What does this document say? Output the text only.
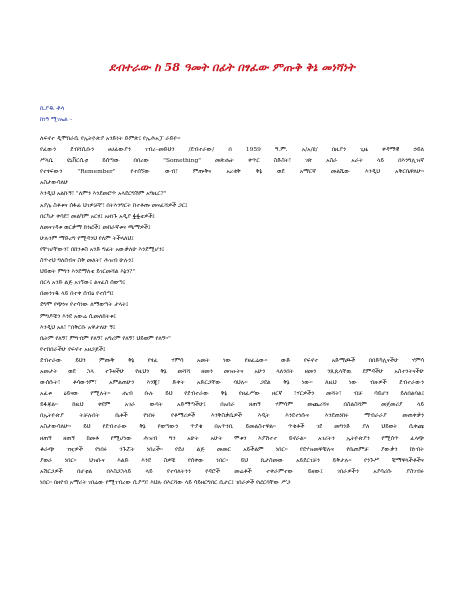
ደብተራው ከ 58 ዓመት በፊት በፃፈው ምጡቅ ቅኔ መነሻነት
ኪያዱ ቶላ
ከነዓ ሚገኤል –
ለፍኖተ ዲሞክራሲ የኢትዮጵያ አንድነት ድምጽ፤ የኢሕአፓ ራድዮ፡፡
የፈውን ደብሻሲቡን ፀሀፊውያን ገብረ–መድህን /ደብተራው/ በ 1959 ዓ.ም. አ/አ/ዩ/ በዚያን ጊዜ ቀዳማዊ ኃይለ
ሥላሴ ዩኒቨርሲቲ ይሰጣው በበረው "Something" መጽሔት ቀጥር ስድስት፣ ገጽ አስራ አራት ላይ በእንግሊዝኛ
የተፃፍውን "Remember" የተሰኘው ውብ፣ ምጡቅና አረቂቅ ቅኔ ወደ አማርኛ መልሼው እንዲህ አቅርቤዋለሁ፡፡
አስታውሳለሁ
እንዲህ አልኩኝ፣ "ለምን እንደመሮጥ አላደርግሽም አግዚር?"
አያሌ ስቶቱና ሰፋፊ ህገዎቻቸ፣ በትእንግርት ከተቶጡ መናፈሻዎች ጋር፤
በርካታ ቀሳደ፣ መልካም አርፃ፤ አዘነጉ አዲያ ፏፏቴዎች፤
ለመናገዳቱ ወርቃማ ክንፎች፤ መከራኛቱና ጫማዎች፤
ሁሉንም ማድረግ የሚዳንህ የለም ትችላለህ፤
የቸገሆቸውን፣ በከንቱስ አንድ ግፊት አውቃለሁ እንደሚሆን፤
ስጥተህ ግለሰብና ስቅ መለት፣ ሕዝብ ሁሉን፤
ህይወት ምግን እንደማለቴ ይገርመሻል እኔን?"
በርላ አንድ ልጅ አገኘው፤ ልናፈስ ሰወጣ፤
በመንገዱ ላይ በተቀ ሰብዕ የተሰጣ፤
ደግሞ የጭነና የተሳነው ለማወጣት ታላት፤
ምግዶቹን እንደ አውሬ ሲመለከትቱ፤
እንዲህ አለ፣ "በቅርቡ አዋታለሁ ኝ፤
ቤትም የለኝ፣ ምግብም የለኝ፣ አግሪም የለኝ፣ ህይወም የለኝ፡፡"
የተከበራችሁ የፍኖተ አዘጋጆች፤
ደብተራው ይህን ምጡቅ ቅኔ የፃፈ ሃምሳ አመት ነው የዘፈሬው፡፡ ውድ የፍኖተ አድማጮች በበድካሊናችሁ ሃምሳ
አመታት ወደ ኋላ ተጉዛችሁ የዚህን ቅኔ መሻሻ ዘመን መዝኑትና አሁን ላለንበት ዘመን ንጹጹላቸዉ ደምዳችሁ አስተንትናችሁ
ውሰሱት፣ ቶሳውንም፣ አምልጠሁን እንጂ፣ ድቀት አድርጋቸው ባህሉ፡፡ ጋደል ቅኔ ነው፡፡ ለዚህ ነው ብዙዎች ደብተራውን
አፈቱ ዕይናው የሚሉት፡፡ ሔብ ቡሉ ይህ የደብተራው ቅኔ የዘፈሥው ዘርኛ ፣ሃርዎችን መሻት፣ ብቻ ሳይሆን ይለበልባል፤
ይፋጃል፡፡ ከዚህ ቀደም አገራ ውባት አድማጣችሁ፤ በአበራ ዘጠኝ ሃምሳም መጨረሻና በስልስሻም መጀመሪያ ላይ
በኢትዮጵያ ትቻሉበት ቤቶች የነበሩ የቶማሪዎች እንቅስቃሴዎች እዲት እንደተነሱና እንደጠነከሩ ማብራራያ መጠቀቃን
አስታውሳለሁ፡፡ ይህ የደብተራው ቅኔ የወጣውን ጥያቄ በአጥንቢ ይመልስተዋል፡፡ ጥቂቶች ገደ መግንድ ያለ ህይወት ሲቀጩ
ዘጠኝ ዘጠኝ ከመቶ የሚሆነው ሕዝብ ግን አሁት አሁት ሞቱን እያሽተተ ይኖራል፡፡ አገሪትን ኢትዮጵያን የሚሰጥ ፈላጭ
ቆራጭ ገዢዎች የነበሩ ንጉሯት ነበረች፡፡ የደሀ ልጅ መመር አይችልም ነበር፡፡ የደሃዝመዋቹሉና የቤጠምቻ ያውቃን ከነብት
ያወራ ነበር፡፡ ህዝቡና እልድ እንደ ስዎቹ የሰቀው ነበር፡፡ ይህ ኪታስመው አይደርገቻን ይቅታሉ፡፡ የንጉሥ ቹማዋላችቶችና
አሽርጋዎች በሆቲል በእስጋኋላይ ላይ የተባለትንን የዳሮች መሬቶች ተቀራምተው ይዘው፤ ገበራዎችን አያሳሪሱ ያስገብሩ
ነበር፡፡ በዘየብ አማሪት ገበሬው የሚገብረው ሲያጣ፣ እህሉ በእርሻው ላይ ሳይዘርግበር ሲታር፤ ገበራዎች የፎርባቸው ሥጋ
